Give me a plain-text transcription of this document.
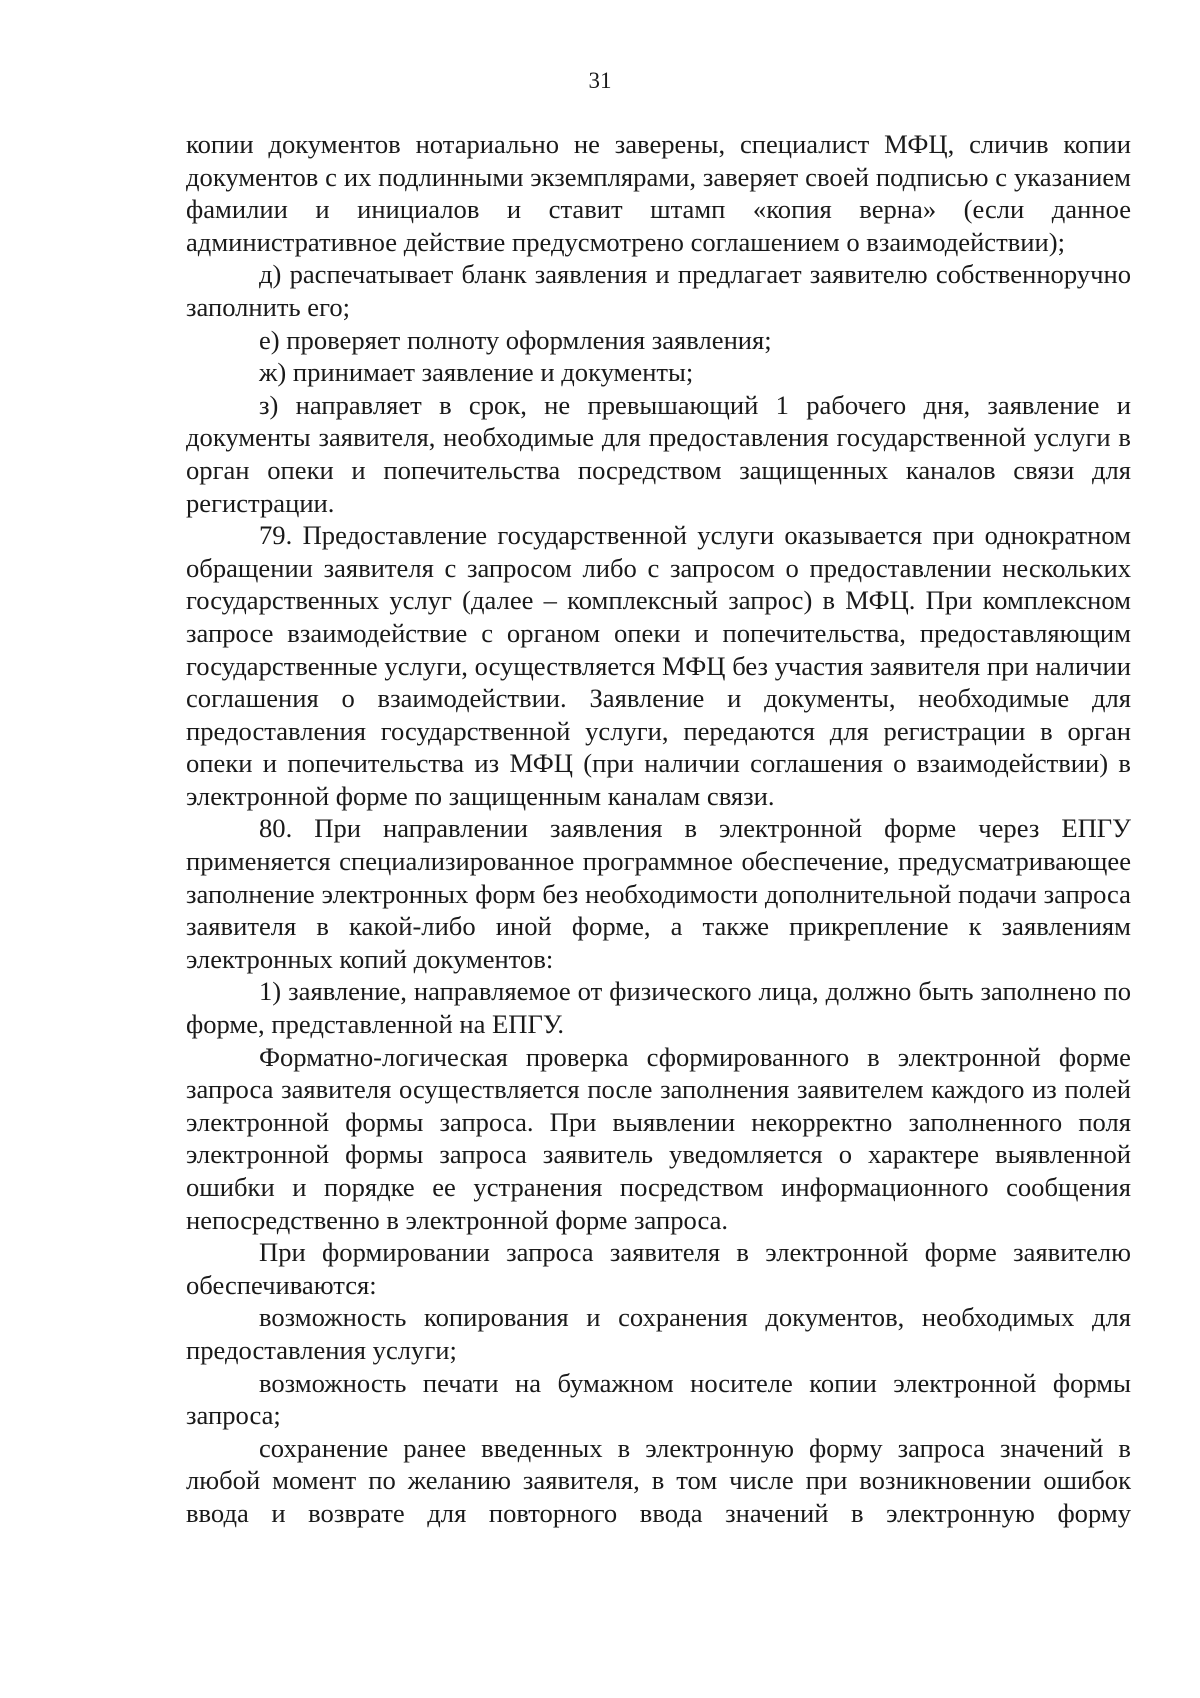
31

копии документов нотариально не заверены, специалист МФЦ, сличив копии документов с их подлинными экземплярами, заверяет своей подписью с указанием фамилии и инициалов и ставит штамп «копия верна» (если данное административное действие предусмотрено соглашением о взаимодействии);

д) распечатывает бланк заявления и предлагает заявителю собственноручно заполнить его;

е) проверяет полноту оформления заявления;

ж) принимает заявление и документы;

з) направляет в срок, не превышающий 1 рабочего дня, заявление и документы заявителя, необходимые для предоставления государственной услуги в орган опеки и попечительства посредством защищенных каналов связи для регистрации.

79. Предоставление государственной услуги оказывается при однократном обращении заявителя с запросом либо с запросом о предоставлении нескольких государственных услуг (далее – комплексный запрос) в МФЦ. При комплексном запросе взаимодействие с органом опеки и попечительства, предоставляющим государственные услуги, осуществляется МФЦ без участия заявителя при наличии соглашения о взаимодействии. Заявление и документы, необходимые для предоставления государственной услуги, передаются для регистрации в орган опеки и попечительства из МФЦ (при наличии соглашения о взаимодействии) в электронной форме по защищенным каналам связи.

80. При направлении заявления в электронной форме через ЕПГУ применяется специализированное программное обеспечение, предусматривающее заполнение электронных форм без необходимости дополнительной подачи запроса заявителя в какой-либо иной форме, а также прикрепление к заявлениям электронных копий документов:

1) заявление, направляемое от физического лица, должно быть заполнено по форме, представленной на ЕПГУ.

Форматно-логическая проверка сформированного в электронной форме запроса заявителя осуществляется после заполнения заявителем каждого из полей электронной формы запроса. При выявлении некорректно заполненного поля электронной формы запроса заявитель уведомляется о характере выявленной ошибки и порядке ее устранения посредством информационного сообщения непосредственно в электронной форме запроса.

При формировании запроса заявителя в электронной форме заявителю обеспечиваются:

возможность копирования и сохранения документов, необходимых для предоставления услуги;

возможность печати на бумажном носителе копии электронной формы запроса;

сохранение ранее введенных в электронную форму запроса значений в любой момент по желанию заявителя, в том числе при возникновении ошибок ввода и возврате для повторного ввода значений в электронную форму
